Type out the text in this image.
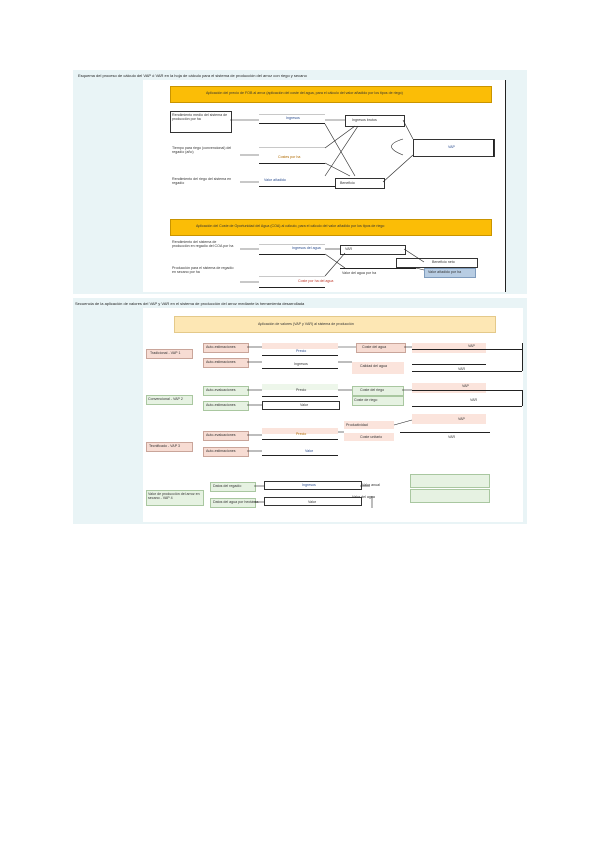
Esquema del proceso de cálculo del VAP ó VAR en la hoja de cálculo para el sistema de producción del arroz con riego y secano
Aplicación del precio de FOB al arroz (aplicación del coste del agua, para el cálculo del valor añadido por los tipos de riego)
Rendimiento medio del sistema de producción por ha
Tiempo para riego (convencional) del regadío (año)
Rendimiento del riego del sistema en regadío
Ingresos
Costes por ha
Valor añadido
Ingresos brutos
Beneficio
VAP
Aplicación del Coste de Oportunidad del Agua (COA) al cálculo, para el cálculo del valor añadido por los tipos de riego
Rendimiento del sistema de producción en regadío del COA por ha
Producción para el sistema de regadío en secano por ha
Ingresos del agua
Coste por ha del agua
VAR
Valor del agua por ha
Beneficio neto
Valor añadido por ha
Secuencia de la aplicación de valores del VAP y VAR en el sistema de producción del arroz mediante la herramienta desarrollada
Aplicación de valores (VAP y VAR) al sistema de producción
Tradicional - VAP 1
Auto-estimaciones
Auto-estimaciones
Convencional - VAP 2
Auto-evaluaciones
Auto-estimaciones
Tecnificado - VAP 3
Auto-evaluaciones
Auto-estimaciones
Valor de producción del arroz en secano - VAP 4
Datos del regadío
Datos del agua por hectárea
Precio
Ingresos
Precio
Valor
Precio
Valor
Ingresos
Valor
Coste del agua
Calidad del agua
Coste del riego
Coste de riego
Productividad
Coste unitario
Valor anual
Valor del agua
VAP
VAR
VAP
VAR
VAP
VAR
